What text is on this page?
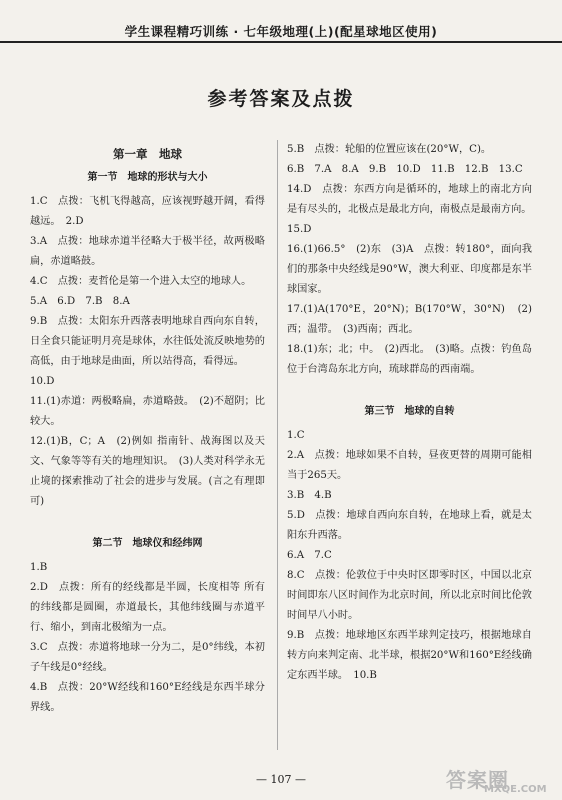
学生课程精巧训练 · 七年级地理(上)(配星球地区使用)
参考答案及点拨
第一章　地球
第一节　地球的形状与大小

1.C　点拨：飞机飞得越高，应该视野越开阔，看得越远。　2.D

3.A　点拨：地球赤道半径略大于极半径，故两极略扁，赤道略鼓。

4.C　点拨：麦哲伦是第一个进入太空的地球人。

5.A　6.D　7.B　8.A

9.B　点拨：太阳东升西落表明地球自西向东自转，日全食只能证明月亮是球体，水往低处流反映地势的高低，由于地球是曲面，所以站得高，看得远。

10.D

11.(1)赤道：两极略扁，赤道略鼓。　(2)不超阴；比较大。

12.(1)B，C；A　(2)例如 指南针、战海图以及天文、气象等等有关的地理知识。　(3)人类对科学永无止境的探索推动了社会的进步与发展。(言之有理即可)

第二节　地球仪和经纬网

1.B

2.D　点拨：所有的经线都是半圆，长度相等 所有的纬线都是圆圈，赤道最长，其他纬线圈与赤道平行、缩小，到南北极缩为一点。

3.C　点拨：赤道将地球一分为二，是0°纬线，本初子午线是0°经线。

4.B　点拨：20°W经线和160°E经线是东西半球分界线。

5.B　点拨：轮船的位置应该在(20°W，C)。

6.B　7.A　8.A　9.B　10.D　11.B　12.B　13.C

14.D　点拨：东西方向是循环的，地球上的南北方向是有尽头的，北极点是最北方向，南极点是最南方向。

15.D

16.(1)66.5°　(2)东　(3)A　点拨：转180°，面向我们的那条中央经线是90°W，澳大利亚、印度都是东半球国家。

17.(1)A(170°E，20°N)；B(170°W，30°N)　(2)西；温带。　(3)西南；西北。

18.(1)东；北；中。　(2)西北。　(3)略。点拨：钓鱼岛位于台湾岛东北方向，琉球群岛的西南端。

第三节　地球的自转

1.C

2.A　点拨：地球如果不自转，昼夜更替的周期可能相当于265天。

3.B　4.B

5.D　点拨：地球自西向东自转，在地球上看，就是太阳东升西落。

6.A　7.C

8.C　点拨：伦敦位于中央时区即零时区，中国以北京时间即东八区时间作为北京时间，所以北京时间比伦敦时间早八小时。

9.B　点拨：地球地区东西半球判定技巧，根据地球自转方向来判定南、北半球，根据20°W和160°E经线确定东西半球。　10.B

— 107 —	答案圈
MXQE.COM
